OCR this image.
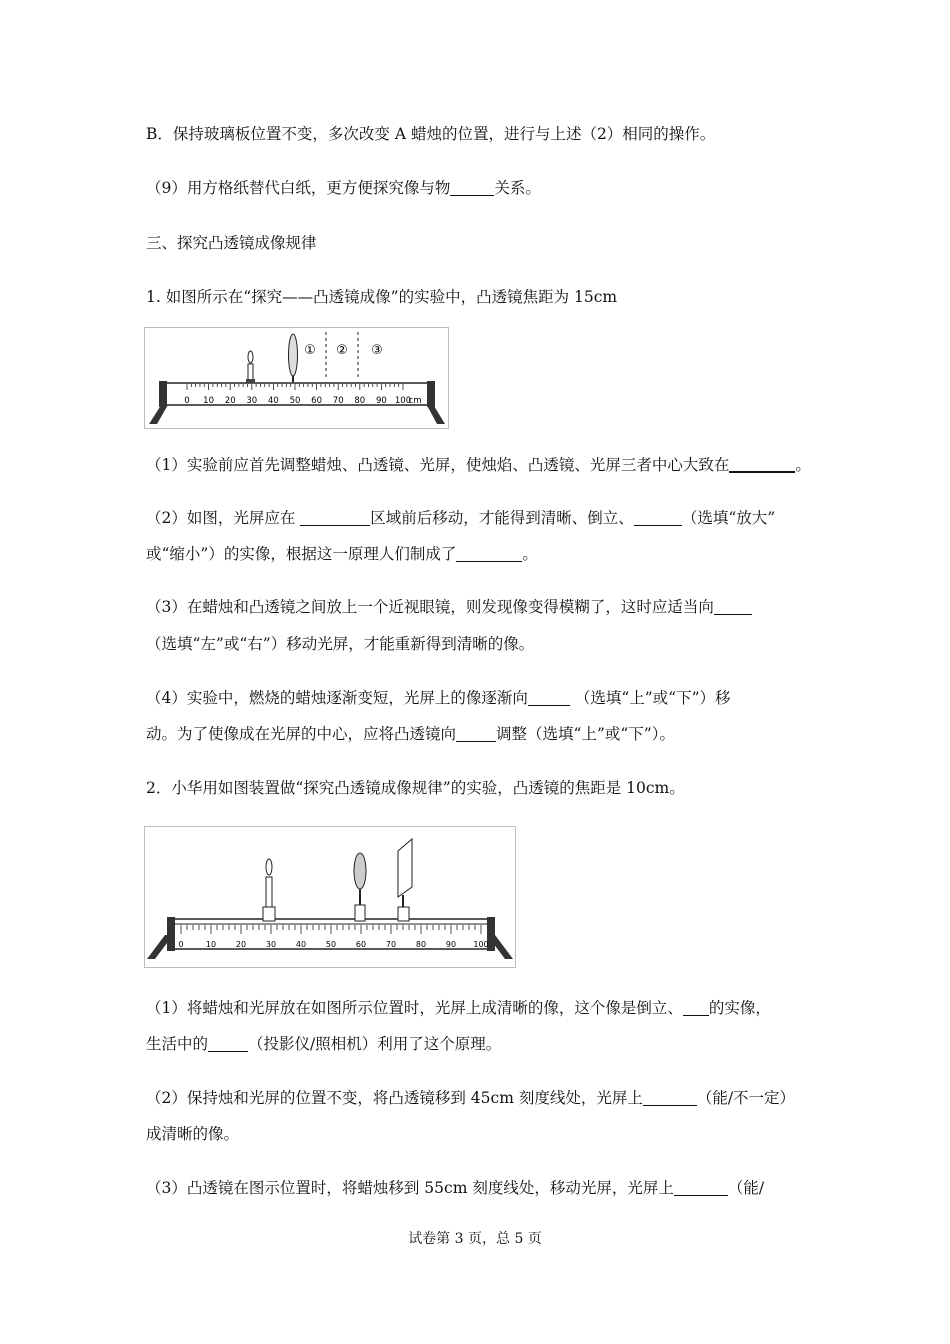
B．保持玻璃板位置不变，多次改变 A 蜡烛的位置，进行与上述（2）相同的操作。
（9）用方格纸替代白纸，更方便探究像与物	关系。
三、探究凸透镜成像规律
1. 如图所示在“探究——凸透镜成像”的实验中，凸透镜焦距为 15cm
0 10 20 30 40 50 60 70 80 90 100
cm
① ② ③
（1）实验前应首先调整蜡烛、凸透镜、光屏，使烛焰、凸透镜、光屏三者中心大致在	。
（2）如图，光屏应在	区域前后移动，才能得到清晰、倒立、	（选填“放大”
或“缩小”）的实像，根据这一原理人们制成了	。
（3）在蜡烛和凸透镜之间放上一个近视眼镜，则发现像变得模糊了，这时应适当向
（选填“左”或“右”）移动光屏，才能重新得到清晰的像。
（4）实验中，燃烧的蜡烛逐渐变短，光屏上的像逐渐向	（选填“上”或“下”）移
动。为了使像成在光屏的中心，应将凸透镜向	调整（选填“上”或“下”）。
2．小华用如图装置做“探究凸透镜成像规律”的实验，凸透镜的焦距是 10cm。
0	10 20 30 40 50 60 70 80 90 100
（1）将蜡烛和光屏放在如图所示位置时，光屏上成清晰的像，这个像是倒立、 的实像，
生活中的	（投影仪/照相机）利用了这个原理。
（2）保持烛和光屏的位置不变，将凸透镜移到 45cm 刻度线处，光屏上	（能/不一定）
成清晰的像。
（3）凸透镜在图示位置时，将蜡烛移到 55cm 刻度线处，移动光屏，光屏上	（能/
试卷第 3 页，总 5 页
